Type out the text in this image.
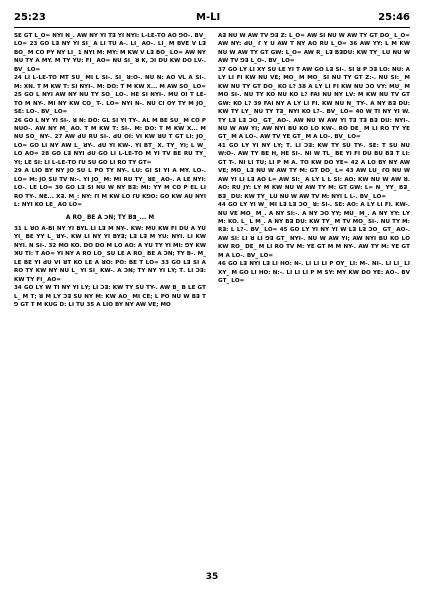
25:23	M-ꓡI	25:46

ꓢE Gꓔ ꓡ_O= NYI N_. AW NY YI Tꓱ YI NYI: ꓡ-ꓡE-ꓔO ꓮO ꓨO-. ꓐV_ ꓡO= 23 GO ꓡꓱ NY YI SI_ ꓮ ꓡI ꓔꓴ ꓮ-. ꓡI_ ꓮO-. ꓡI_ M BVE V ꓡꓱ BO_ M CO ꓑY NY ꓡI_ 1 NYI M: MY: M KW V ꓡꓱ BO_ ꓡO= AW NY NU TY A MY. M TY ꓬꓴ: FI_ ꓮO= NU SI_ ꓤ K, ꓛI DU KW DO ꓡV-. BV_ ꓡO=

24 ꓡI ꓡ-ꓡE-ꓔO Mꓔ SU_ MI ꓡ SI-. SI_ ꓤ:O-. NU N: ꓮO Vꓡ A SI-. M: Xꓠ. T M KW ꓔ: SI NYI-. M: DO: T M KW X... M AW SO_ ꓡO= 25 GO ꓡ NYI AW NY NU TY SO_ ꓡO-. ꓧE SI NYI-. MU OI ꓔ ꓡE-ꓔO M NY-. MI NY KW CO_ T-. ꓡO= NYI N-. NU CI OY TY M JO_ SE: ꓡO-. BV_ ꓡO=

26 GO ꓡ NY YI SI-. ꓤ N: DO: Gꓡ SI YI TY-. ꓮꓡ M BE SU_ M CO ꓑ NUO-. AW NY M_ ꓮO. T M KW ꓔ: SI-. M: DO: T M KW X... M NU SO_ NY-. 27 AW ꓒU RU SI-. ꓒU OI: VI KW ꓤU T Gꓔ ꓡI: JO_ ꓡO= GO ꓡI NY AW ꓡ_ ꓤY-. ꓒU YI KW-. YI Bꓔ_ X. TY_ YI; ꓡ W_ ꓡO ꓮO= 28 GO ꓡꓱ NYI ꓒU GO ꓡI ꓡ-ꓡE-ꓔO M YI TV BE RU TY_ YI; ꓡE SI: ꓡI ꓡ-ꓡE-ꓔO ꓩU SU GO ꓡI RO TY Gꓔ=

29 A ꓡIO BY NY JO SU ꓡ ꓑO TY NY-. ꓡU: GI SI YI A MY. ꓡO-. ꓡO= M: JO SU TV N:-. YI JO_ M: MI RU TY_ ꓤE_ ꓮO-. A ꓡE NYI: ꓡO-. ꓡE ꓡO= 30 GO ꓡꓱ SI NU W NY Bꓱ: MI: YY M CO ꓑ Eꓡ ꓡI RO TY-. ꓠE... Xꓱ. M_: NY: ꓩI M KW ꓡO ꓩU KꓨO: GO KW AU NYI ꓡ: NYI KO ꓡE_ ꓮO ꓡO=

A RO_ BE A ꓛN; TY Bꓱ_... M

31 ꓡ ꓤO A-BI NY YI BYꓡ ꓡI ꓡꓱ M NY-. KW: MU KW FI DU A ꓬꓴ YI_ BE YY ꓡ_ ꓤY-. KW ꓡI NY YI BYꓱ; ꓡꓱ ꓡꓱ M ꓬꓴ: NYI. ꓡI KW NYI. N SI-. 32 MO KO. DO DO M ꓡO ꓮO: A ꓬꓴ TY YI MI: ꓨY KW ꓘU ꓔI: ꓔ ꓮO= YI NY A RO ꓡO_ SU ꓡE A RO_ BE A ꓛN; TY B-. M_ ꓡE BE YI ꓒU VI ꓤꓔ KO ꓡE A ꓤO: ꓑO: BE ꓔ ꓡO= 33 GO ꓡꓱ SI A RO TY KW NY NU ꓡ_ YI SI_ KW-. A ꓛN; TY NY YI ꓡY; ꓔ. ꓡI ꓛꓱ: KW TY FI_ ꓮO=

34 GO ꓡY W TI NY YI ꓡY; ꓡI ꓛꓱ: KW TY SU TY-. AW B_ B ꓡE Gꓔ ꓡ_ M ꓔ; ꓤ M ꓡY ꓛꓱ SU NY M: KW ꓮO_ MI CE; ꓡ ꓑO NU W Bꓱ ꓔ ꓨ Gꓔ ꓔ M KUG D: ꓡI ꓔꓴ 35 A ꓡIO BY NY AW VE; MO

ꓮꓱ NU W AW ꓔV ꓨꓱ Z: ꓡ_O= AW SI NU W AW TY Gꓔ DO_ ꓡ_O= AW NY: ꓒU_ ꓩ Y U AW ꓔ NY ꓮO RU ꓡ_O= 36 AW ꓬY: ꓡ M KW NU W AW TY Gꓔ GW: ꓡ_O= AW R_ ꓡꓱ BꓱDU: KW TY_ ꓡꓴ NU W AW ꓔV ꓨꓱ ꓡ_O-. BV_ ꓡO=

37 GO ꓡY ꓡI XY SU ꓡE YI ꓔ AW GO ꓡꓱ SI-. SI ꓤ ꓑ ꓛꓱ ꓡO: NU: A ꓡY ꓡI FI KW NU VE; MO_ M MO_ SI NU TY Gꓔ Z:-. NU SI:_ M KW NU TY Gꓔ DO_ KO ꓡ? 38 A ꓡY ꓡI FI KW NU ꓛO VY: MU_ M MO SI-. NU TY KO NU KO ꓡ? FAI NU NY ꓡV: M KW NU TV Gꓔ GW: KO ꓡ? 39 FAI NY A ꓡY ꓡI FI. KW NU N_ TY-. A NY Bꓱ DU: KW TY ꓡY_ NU TY Tꓱ_ NYI KO ꓡ?-. BV_ ꓡO= 40 W TI NY YI W. TY ꓡꓱ ꓡꓱ ꓛO_ Gꓔ_ ꓮO-. AW NU W AW YI Tꓱ Tꓱ Bꓱ DU: NYI-. NU W AW YI; AW NYI BU KO ꓡO KW-. RO DE_ M ꓡI RO TY YE Gꓔ_ M A ꓡO-. AW TV YE Gꓔ_ M A ꓡO-. BV_ ꓡO=

41 GO ꓡY YI NY ꓡY; ꓔ. ꓡI ꓛꓱ: KW TY SU TY-. ꓢE: T SU NU W:O-. AW TY BE H, ꓧE SI-. NI W Tꓡ_ BE YI FI DU BU Bꓱ ꓔ ꓡI: Gꓔ T-. NI ꓡI ꓔꓴ; ꓡI ꓑ M A. TO KW DO ꓬE= 42 A ꓡO BY NY AW VE; MO_ ꓡꓱ NU W AW TY M: Gꓔ DO_ ꓡ= 43 AW ꓡꓴ_ ꓩO NU W AW YI ꓡI ꓡꓱ ꓮO ꓡ= AW SI:_ A ꓡY ꓡ ꓡ SI: ꓮO: KW NU W AW ꓤ. ꓮO: RU JY: ꓡꓬ M KW NU W AW TY M: Gꓔ GW: ꓡ= N_ ꓬY_ Bꓱ_ Bꓱ_ DU: KW TY_ ꓡꓴ NU W AW TV M: NYI ꓡ ꓡ-. BV_ ꓡO=

44 GO ꓡY YI W_ MI ꓡꓱ ꓡꓱ ꓛO_ ꓤ: SI-. ꓢE: ꓮO: A ꓡY ꓡI FI. KW-. NU VE MO_ M_. A NY SI:-. A NY ꓛO YY; MU_ M_. A NY ꓬY: ꓡꓬ M: KO. ꓡ_ ꓡ M_. A NY Bꓱ DU: KW TY_ M TV MO_ SI-. NU TY M: Rꓱ: ꓡ ꓡ?-. BV_ ꓡO= 45 GO ꓡY YI NY YI W ꓡꓱ ꓡꓱ ꓛO_ Gꓔ_ ꓮO-. AW SI: ꓡI ꓤ ꓡI ꓨꓱ Gꓔ_ NYI-. NU W AW YI; AW NYI BU KO ꓡO KW RO_ DE_ M ꓡI RO TV M: YE Gꓔ M M NY-. AW TY M: YE Gꓔ M A ꓡO-. BV_ ꓡO=

46 GO ꓡꓱ NYI ꓡꓱ ꓡI HO: N-. ꓡI ꓡI ꓡI ꓑ OY_ ꓡI: M-. NI-. ꓡI ꓡI_ ꓡI XY_ M GO ꓡI HO: N:-. ꓡI ꓡI ꓡI ꓑ M SY: MY KW DO ꓬE: ꓮO-. ꓐV Gꓔ_ ꓡO=

35
